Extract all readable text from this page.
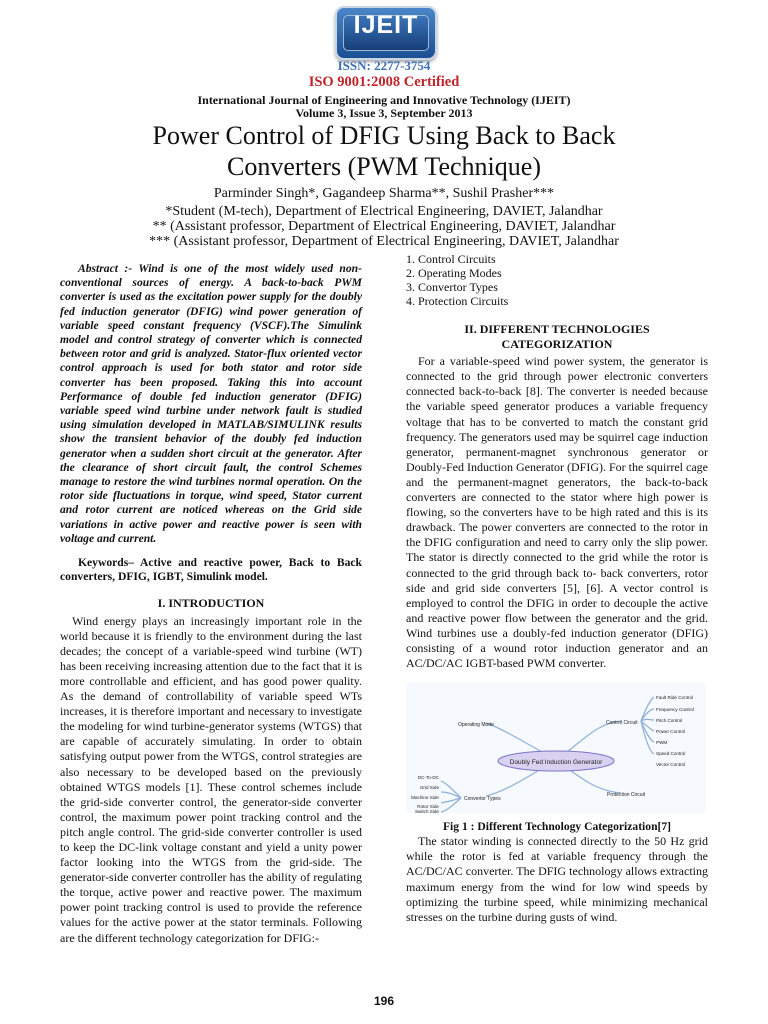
IJEIT
ISSN: 2277-3754
ISO 9001:2008 Certified
International Journal of Engineering and Innovative Technology (IJEIT)
Volume 3, Issue 3, September 2013
Power Control of DFIG Using Back to Back
Converters (PWM Technique)
Parminder Singh*, Gagandeep Sharma**, Sushil Prasher***
*Student (M-tech), Department of Electrical Engineering, DAVIET, Jalandhar
** (Assistant professor, Department of Electrical Engineering, DAVIET, Jalandhar
*** (Assistant professor, Department of Electrical Engineering, DAVIET, Jalandhar

Abstract :- Wind is one of the most widely used non-conventional sources of energy. A back-to-back PWM converter is used as the excitation power supply for the doubly fed induction generator (DFIG) wind power generation of variable speed constant frequency (VSCF).The Simulink model and control strategy of converter which is connected between rotor and grid is analyzed. Stator-flux oriented vector control approach is used for both stator and rotor side converter has been proposed. Taking this into account Performance of double fed induction generator (DFIG) variable speed wind turbine under network fault is studied using simulation developed in MATLAB/SIMULINK results show the transient behavior of the doubly fed induction generator when a sudden short circuit at the generator. After the clearance of short circuit fault, the control Schemes manage to restore the wind turbines normal operation. On the rotor side fluctuations in torque, wind speed, Stator current and rotor current are noticed whereas on the Grid side variations in active power and reactive power is seen with voltage and current.

Keywords– Active and reactive power, Back to Back converters, DFIG, IGBT, Simulink model.

I. INTRODUCTION

Wind energy plays an increasingly important role in the world because it is friendly to the environment during the last decades; the concept of a variable-speed wind turbine (WT) has been receiving increasing attention due to the fact that it is more controllable and efficient, and has good power quality. As the demand of controllability of variable speed WTs increases, it is therefore important and necessary to investigate the modeling for wind turbine-generator systems (WTGS) that are capable of accurately simulating. In order to obtain satisfying output power from the WTGS, control strategies are also necessary to be developed based on the previously obtained WTGS models [1]. These control schemes include the grid-side converter control, the generator-side converter control, the maximum power point tracking control and the pitch angle control. The grid-side converter controller is used to keep the DC-link voltage constant and yield a unity power factor looking into the WTGS from the grid-side. The generator-side converter controller has the ability of regulating the torque, active power and reactive power. The maximum power point tracking control is used to provide the reference values for the active power at the stator terminals. Following are the different technology categorization for DFIG:-

1. Control Circuits
2. Operating Modes
3. Convertor Types
4. Protection Circuits

II. DIFFERENT TECHNOLOGIES

CATEGORIZATION

For a variable-speed wind power system, the generator is connected to the grid through power electronic converters connected back-to-back [8]. The converter is needed because the variable speed generator produces a variable frequency voltage that has to be converted to match the constant grid frequency. The generators used may be squirrel cage induction generator, permanent-magnet synchronous generator or Doubly-Fed Induction Generator (DFIG). For the squirrel cage and the permanent-magnet generators, the back-to-back converters are connected to the stator where high power is flowing, so the converters have to be high rated and this is its drawback. The power converters are connected to the rotor in the DFIG configuration and need to carry only the slip power. The stator is directly connected to the grid while the rotor is connected to the grid through back to- back converters, rotor side and grid side converters [5], [6]. A vector control is employed to control the DFIG in order to decouple the active and reactive power flow between the generator and the grid. Wind turbines use a doubly-fed induction generator (DFIG) consisting of a wound rotor induction generator and an AC/DC/AC IGBT-based PWM converter.

Doubly Fed Induction Generator
Operating Mode	Control Circuit
Convertor Types
Protection Circuit
Fault Ride Control
Frequency Control
Pitch Control
Power Control
PWM
Speed Control
Vector Control
DC-To-DC
Grid Side
Machine Side
Rotor Side
Switch Side

Fig 1 : Different Technology Categorization[7]

The stator winding is connected directly to the 50 Hz grid while the rotor is fed at variable frequency through the AC/DC/AC converter. The DFIG technology allows extracting maximum energy from the wind for low wind speeds by optimizing the turbine speed, while minimizing mechanical stresses on the turbine during gusts of wind.

196
